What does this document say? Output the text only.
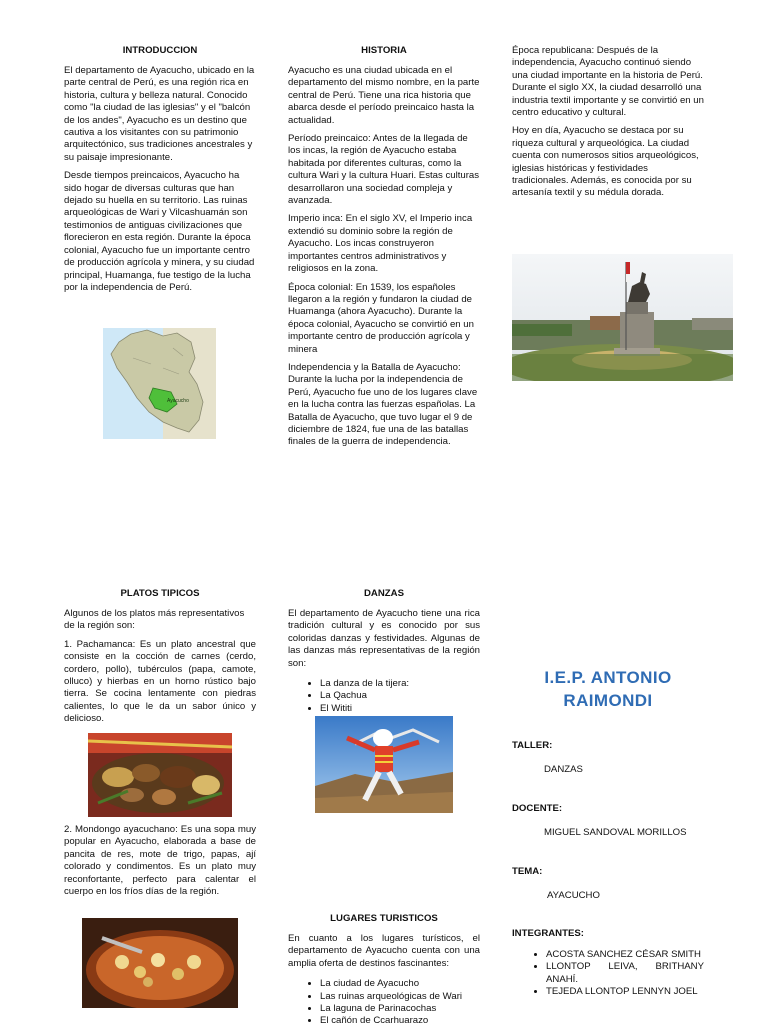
INTRODUCCION

El departamento de Ayacucho, ubicado en la parte central de Perú, es una región rica en historia, cultura y belleza natural. Conocido como "la ciudad de las iglesias" y el "balcón de los andes", Ayacucho es un destino que cautiva a los visitantes con su patrimonio arquitectónico, sus tradiciones ancestrales y su paisaje impresionante.

Desde tiempos preincaicos, Ayacucho ha sido hogar de diversas culturas que han dejado su huella en su territorio. Las ruinas arqueológicas de Wari y Vilcashuamán son testimonios de antiguas civilizaciones que florecieron en esta región. Durante la época colonial, Ayacucho fue un importante centro de producción agrícola y minera, y su ciudad principal, Huamanga, fue testigo de la lucha por la independencia de Perú.

Ayacucho
HISTORIA

Ayacucho es una ciudad ubicada en el departamento del mismo nombre, en la parte central de Perú. Tiene una rica historia que abarca desde el período preincaico hasta la actualidad.

Período preincaico: Antes de la llegada de los incas, la región de Ayacucho estaba habitada por diferentes culturas, como la cultura Wari y la cultura Huari. Estas culturas desarrollaron una sociedad compleja y avanzada.

Imperio inca: En el siglo XV, el Imperio inca extendió su dominio sobre la región de Ayacucho. Los incas construyeron importantes centros administrativos y religiosos en la zona.

Época colonial: En 1539, los españoles llegaron a la región y fundaron la ciudad de Huamanga (ahora Ayacucho). Durante la época colonial, Ayacucho se convirtió en un importante centro de producción agrícola y minera

Independencia y la Batalla de Ayacucho: Durante la lucha por la independencia de Perú, Ayacucho fue uno de los lugares clave en la lucha contra las fuerzas españolas. La Batalla de Ayacucho, que tuvo lugar el 9 de diciembre de 1824, fue una de las batallas finales de la guerra de independencia.

Época republicana: Después de la independencia, Ayacucho continuó siendo una ciudad importante en la historia de Perú. Durante el siglo XX, la ciudad desarrolló una industria textil importante y se convirtió en un centro educativo y cultural.

Hoy en día, Ayacucho se destaca por su riqueza cultural y arqueológica. La ciudad cuenta con numerosos sitios arqueológicos, iglesias históricas y festividades tradicionales. Además, es conocida por su artesanía textil y su médula dorada.

PLATOS TIPICOS

Algunos de los platos más representativos de la región son:

1. Pachamanca: Es un plato ancestral que consiste en la cocción de carnes (cerdo, cordero, pollo), tubérculos (papa, camote, olluco) y hierbas en un horno rústico bajo tierra. Se cocina lentamente con piedras calientes, lo que le da un sabor único y delicioso.

2. Mondongo ayacuchano: Es una sopa muy popular en Ayacucho, elaborada a base de pancita de res, mote de trigo, papas, ají colorado y condimentos. Es un plato muy reconfortante, perfecto para calentar el cuerpo en los fríos días de la región.

DANZAS

El departamento de Ayacucho tiene una rica tradición cultural y es conocido por sus coloridas danzas y festividades. Algunas de las danzas más representativas de la región son:

• La danza de la tijera:
• La Qachua
• El Wititi
LUGARES TURISTICOS

En cuanto a los lugares turísticos, el departamento de Ayacucho cuenta con una amplia oferta de destinos fascinantes:

• La ciudad de Ayacucho
• Las ruinas arqueológicas de Wari
• La laguna de Parinacochas
• El cañón de Ccarhuarazo
I.E.P. ANTONIO
RAIMONDI

TALLER:

DANZAS

DOCENTE:

MIGUEL SANDOVAL MORILLOS

TEMA:

AYACUCHO

INTEGRANTES:

• ACOSTA SANCHEZ CÉSAR SMITH
• LLONTOP LEIVA, BRITHANY ANAHÍ.
• TEJEDA LLONTOP LENNYN JOEL
